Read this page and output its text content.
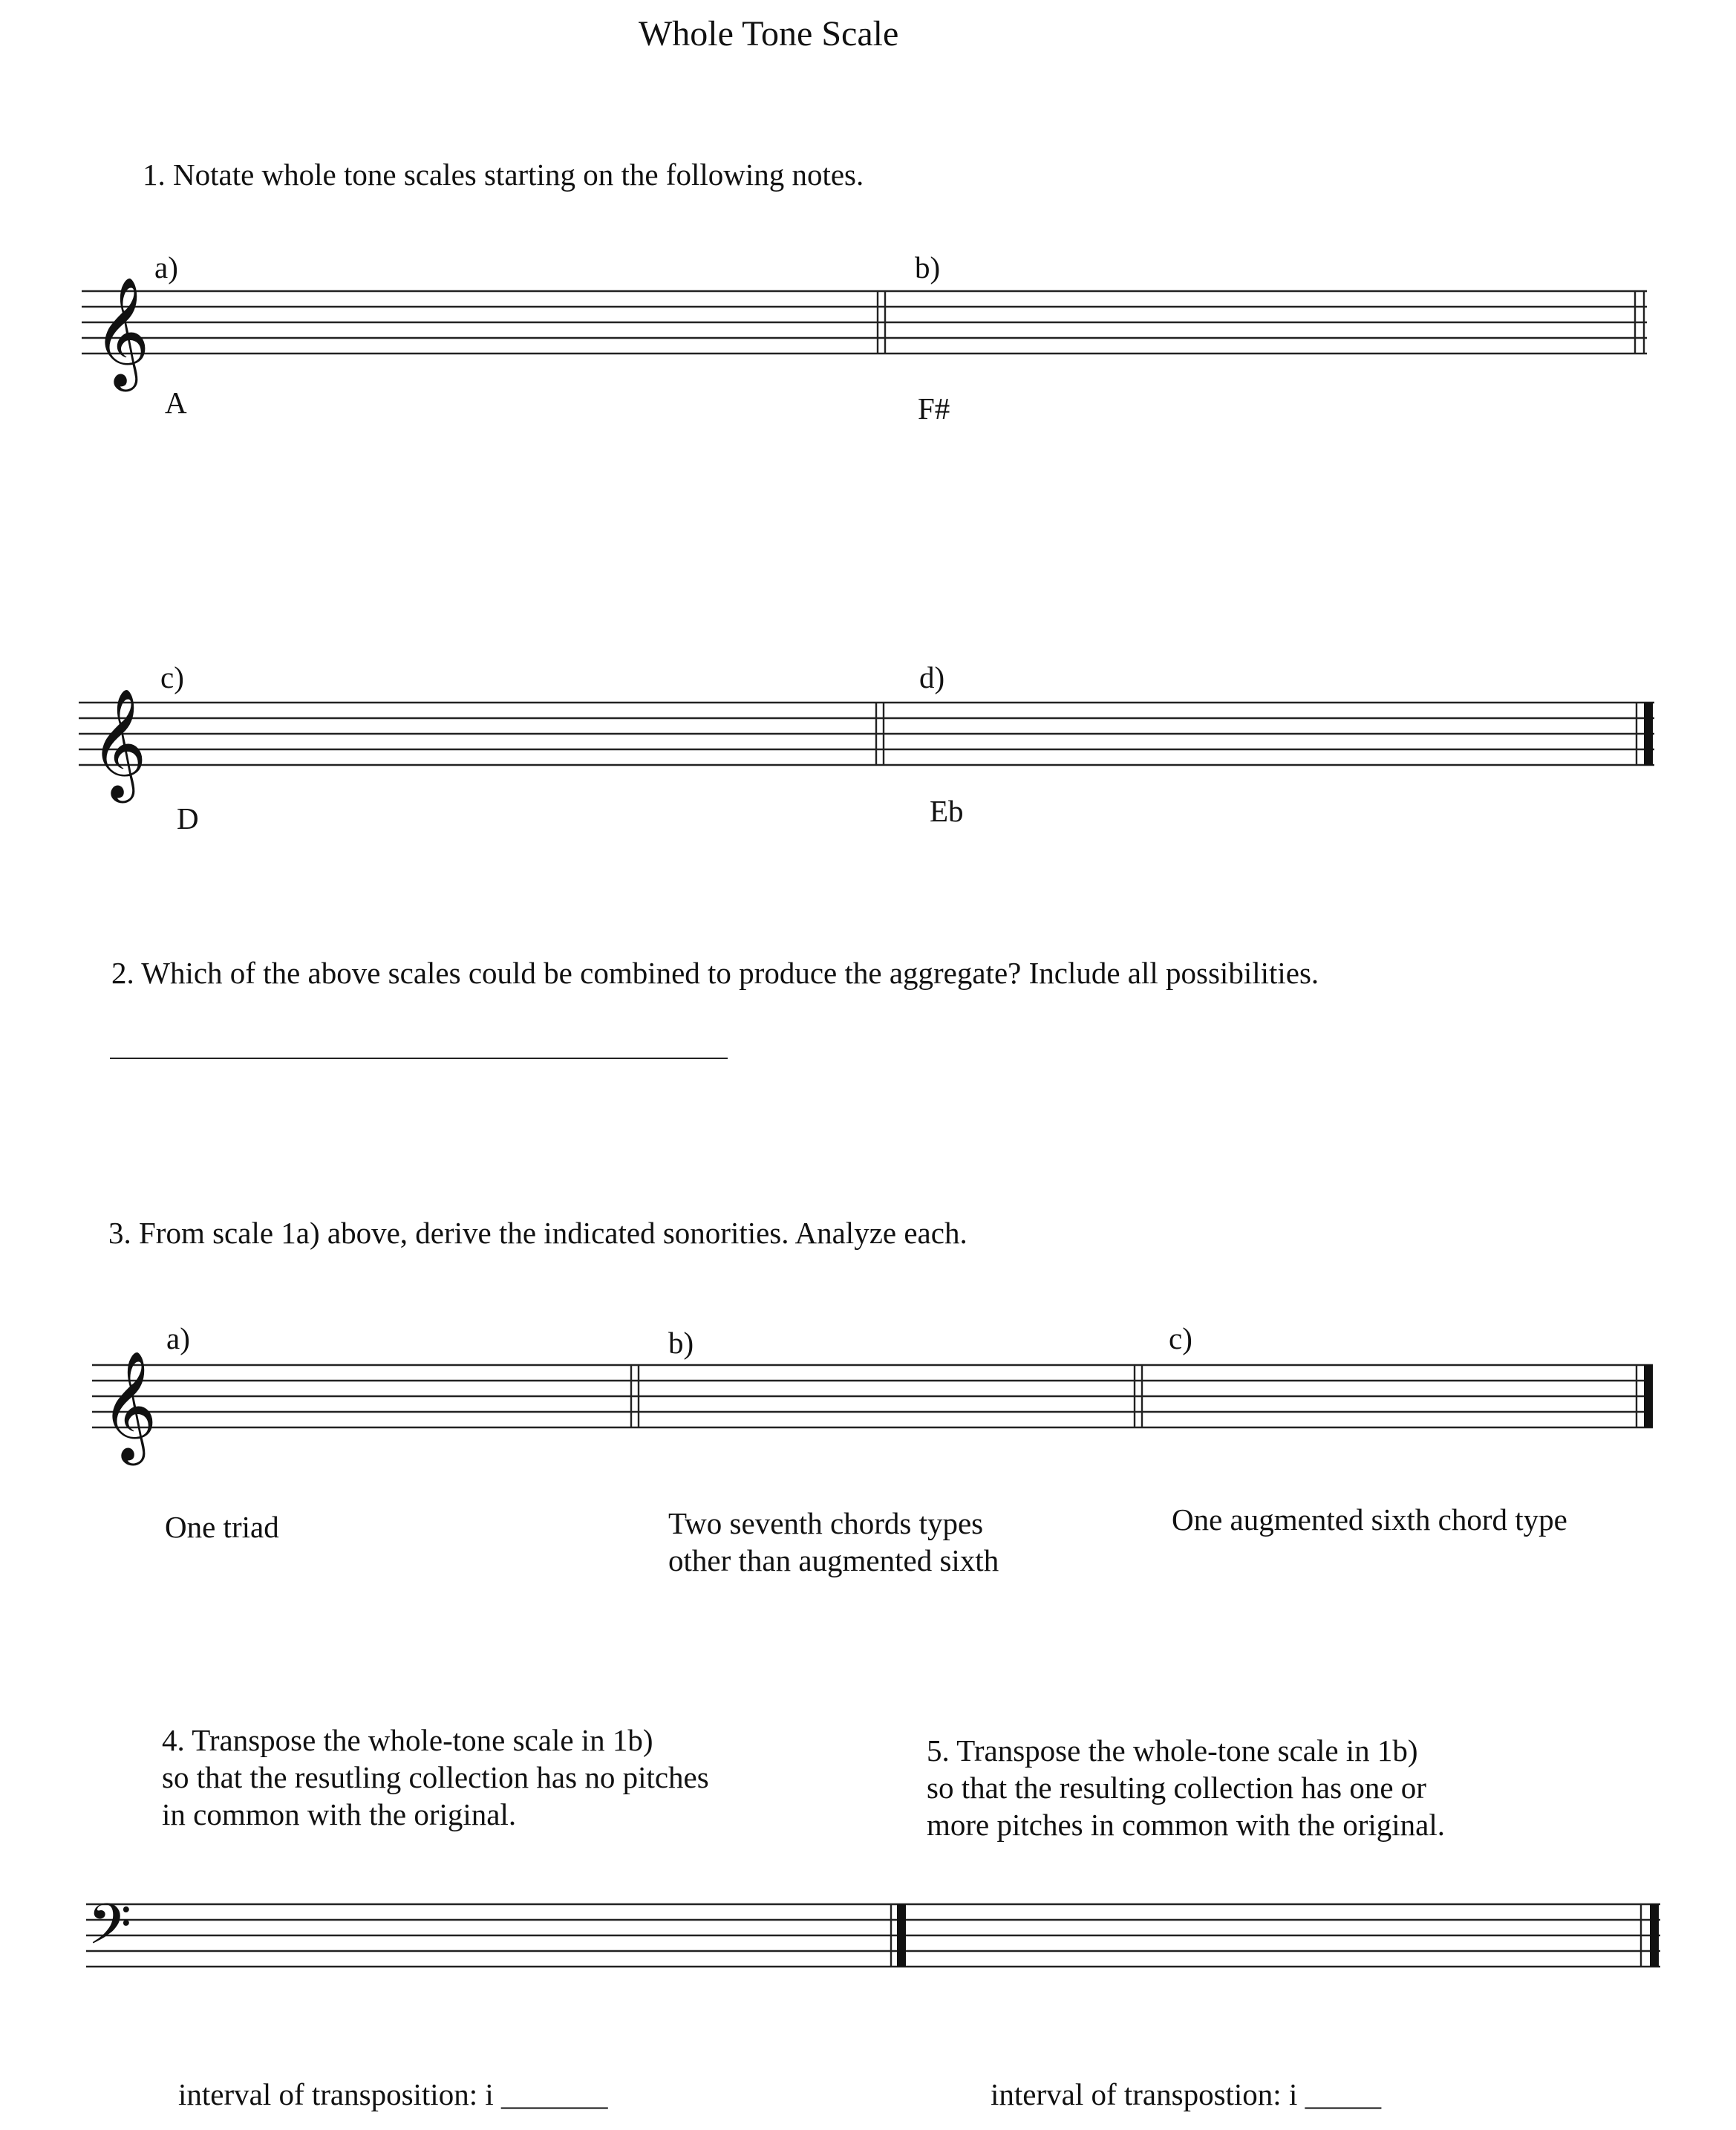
Whole Tone Scale
1. Notate whole tone scales starting on the following notes.
a)	b)
A	F#
c)	d)
D	Eb
2. Which of the above scales could be combined to produce the aggregate? Include all possibilities.
3. From scale 1a) above, derive the indicated sonorities. Analyze each.
a)	b)	c)
One triad	Two seventh chords types
other than augmented sixth
One augmented sixth chord type
4. Transpose the whole-tone scale in 1b)
so that the resutling collection has no pitches
in common with the original.
5. Transpose the whole-tone scale in 1b)
so that the resulting collection has one or
more pitches in common with the original.
interval of transposition: i _______	interval of transpostion: i _____
𝄞
𝄞
𝄞
𝄢
